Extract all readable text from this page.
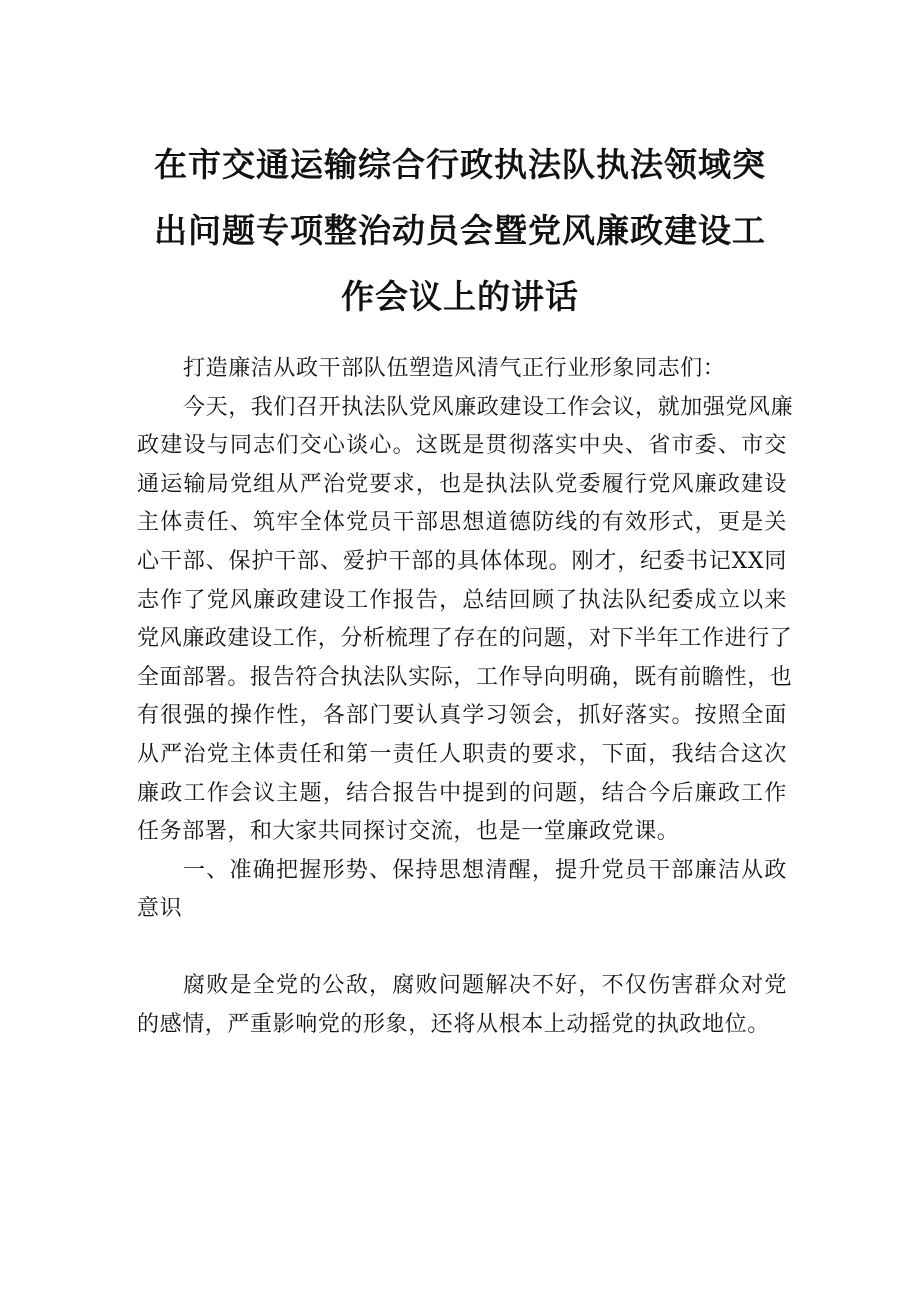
在市交通运输综合行政执法队执法领域突
出问题专项整治动员会暨党风廉政建设工
作会议上的讲话

打造廉洁从政干部队伍塑造风清气正行业形象同志们：

今天，我们召开执法队党风廉政建设工作会议，就加强党风廉
政建设与同志们交心谈心。这既是贯彻落实中央、省市委、市交
通运输局党组从严治党要求，也是执法队党委履行党风廉政建设
主体责任、筑牢全体党员干部思想道德防线的有效形式，更是关
心干部、保护干部、爱护干部的具体体现。刚才，纪委书记XX同
志作了党风廉政建设工作报告，总结回顾了执法队纪委成立以来
党风廉政建设工作，分析梳理了存在的问题，对下半年工作进行了
全面部署。报告符合执法队实际，工作导向明确，既有前瞻性，也
有很强的操作性，各部门要认真学习领会，抓好落实。按照全面
从严治党主体责任和第一责任人职责的要求，下面，我结合这次
廉政工作会议主题，结合报告中提到的问题，结合今后廉政工作
任务部署，和大家共同探讨交流，也是一堂廉政党课。

一、准确把握形势、保持思想清醒，提升党员干部廉洁从政
意识

腐败是全党的公敌，腐败问题解决不好，不仅伤害群众对党
的感情，严重影响党的形象，还将从根本上动摇党的执政地位。
